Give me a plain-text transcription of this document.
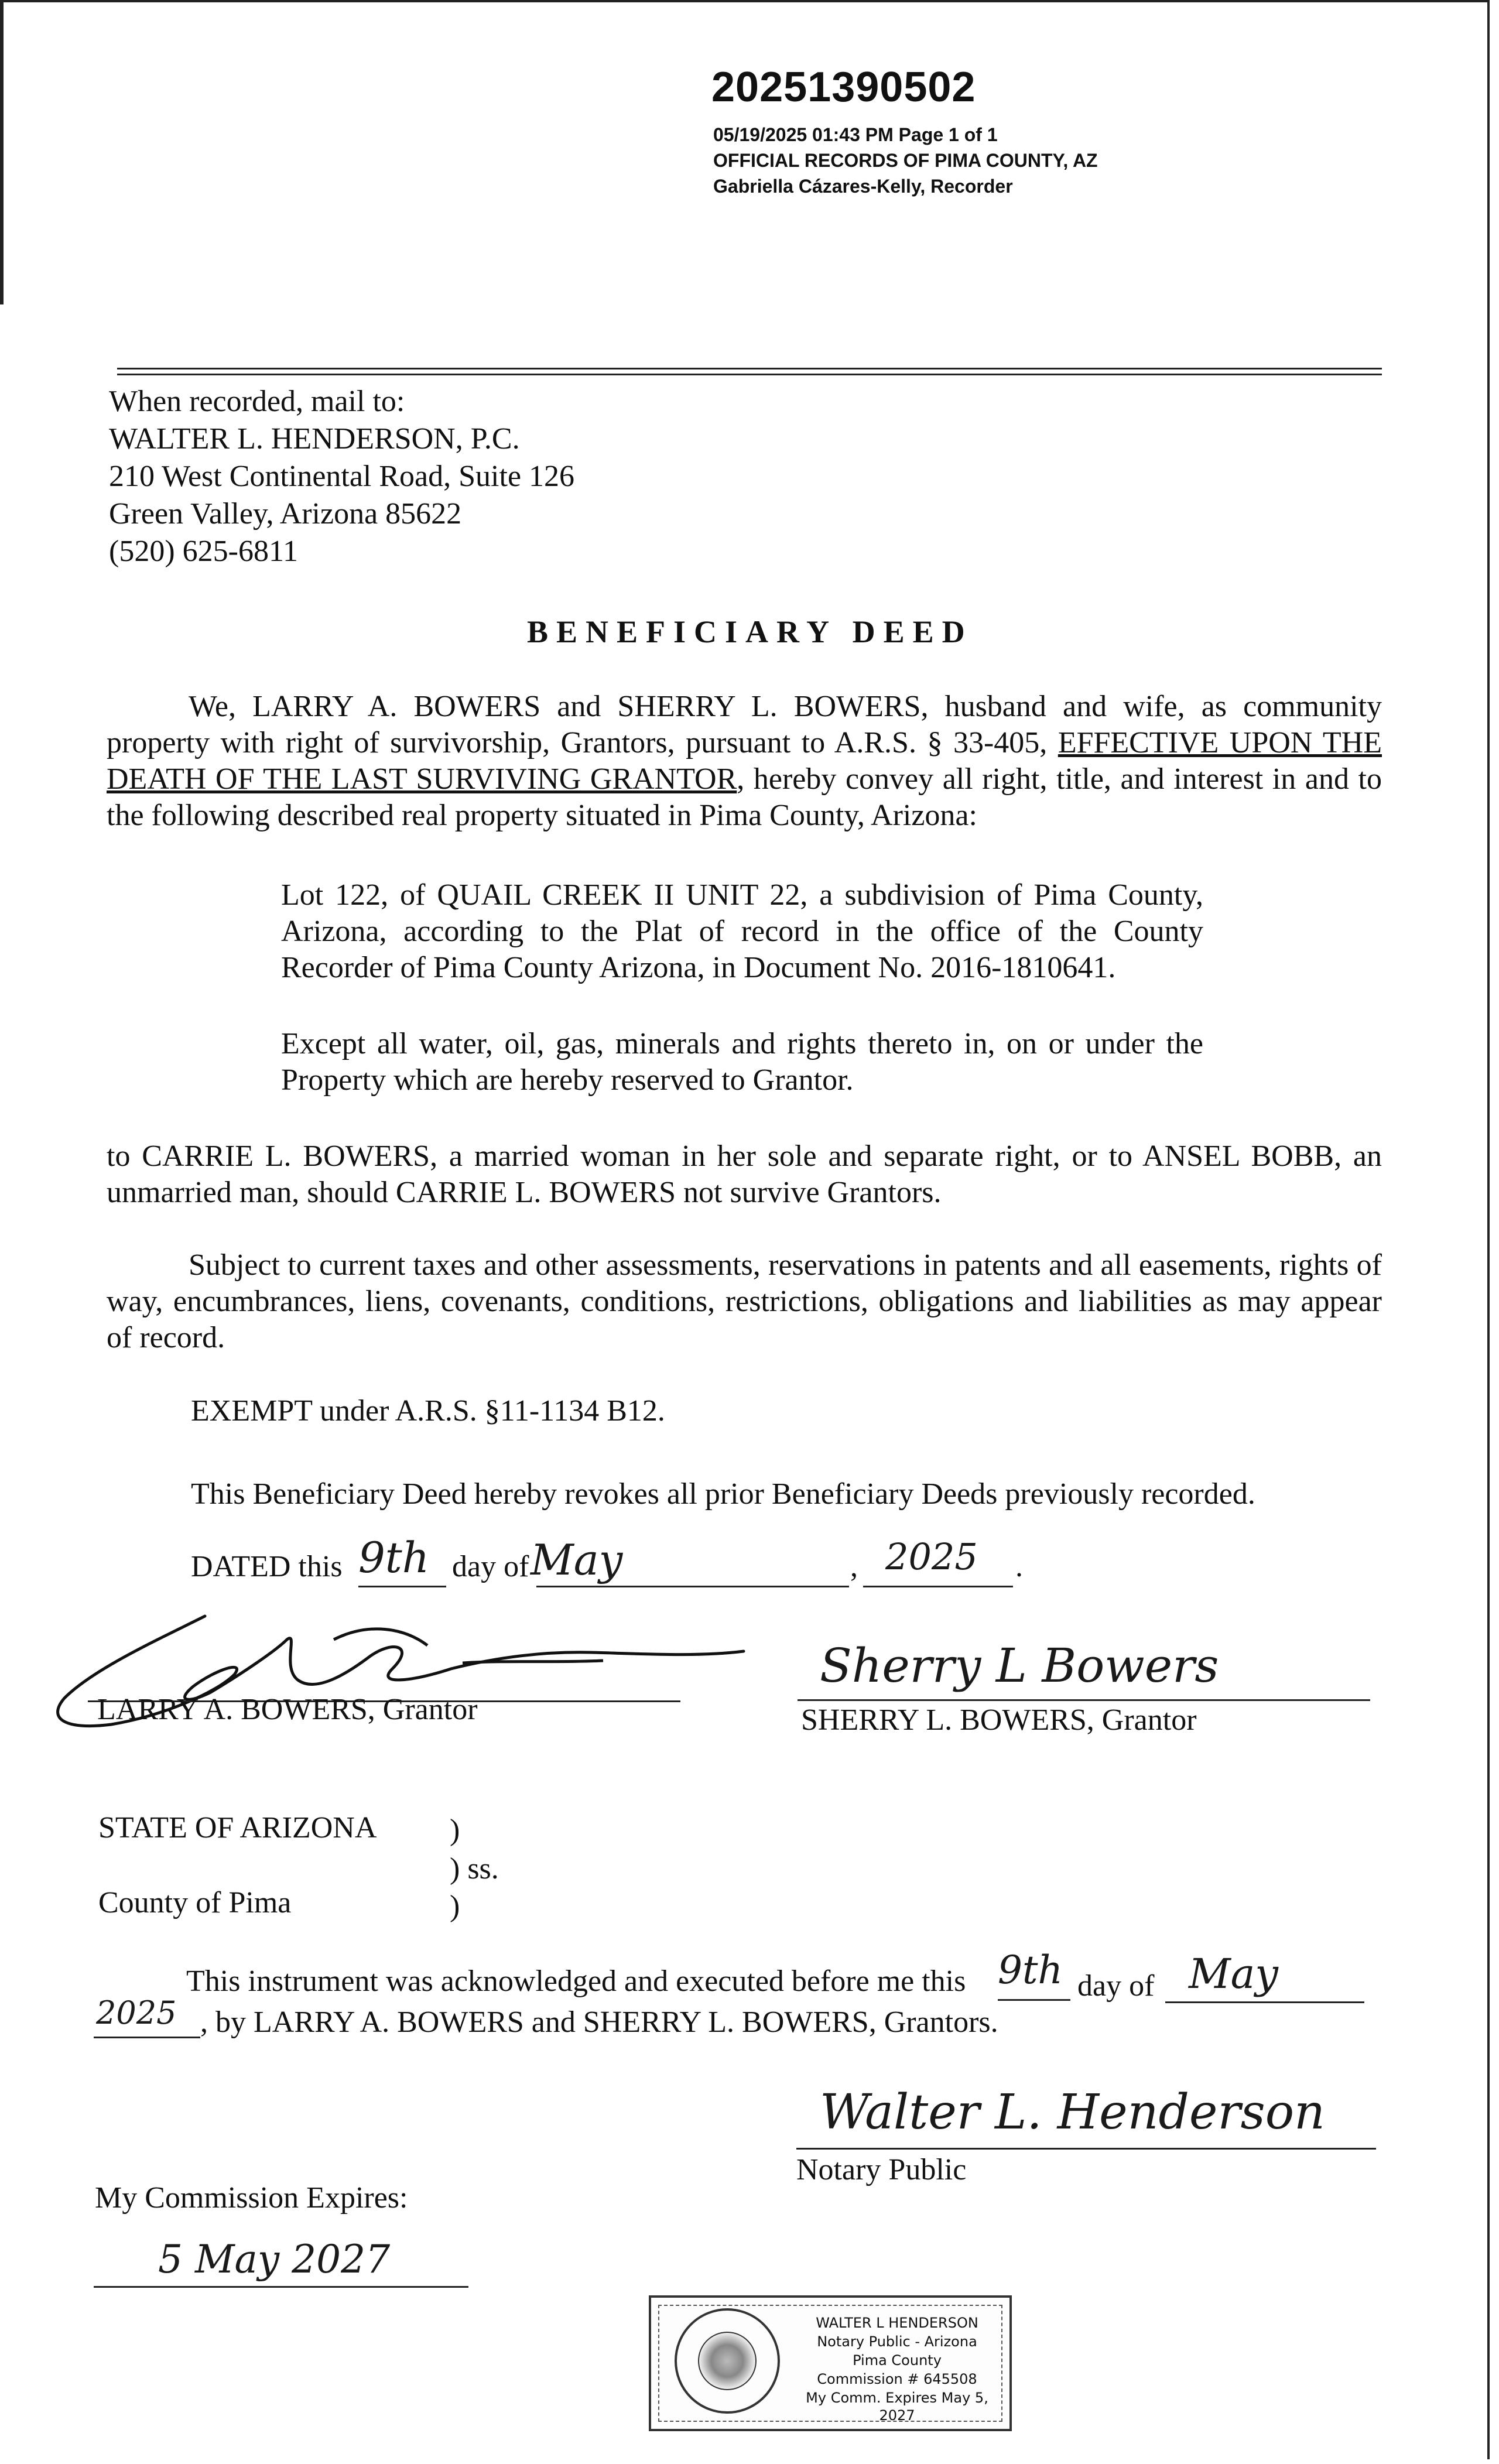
20251390502
05/19/2025 01:43 PM Page 1 of 1
OFFICIAL RECORDS OF PIMA COUNTY, AZ
Gabriella Cázares-Kelly, Recorder
When recorded, mail to:
WALTER L. HENDERSON, P.C.
210 West Continental Road, Suite 126
Green Valley, Arizona 85622
(520) 625-6811
BENEFICIARY DEED
We, LARRY A. BOWERS and SHERRY L. BOWERS, husband and wife, as community property with right of survivorship, Grantors, pursuant to A.R.S. § 33-405, EFFECTIVE UPON THE DEATH OF THE LAST SURVIVING GRANTOR, hereby convey all right, title, and interest in and to the following described real property situated in Pima County, Arizona:
Lot 122, of QUAIL CREEK II UNIT 22, a subdivision of Pima County, Arizona, according to the Plat of record in the office of the County Recorder of Pima County Arizona, in Document No. 2016-1810641.
Except all water, oil, gas, minerals and rights thereto in, on or under the Property which are hereby reserved to Grantor.
to CARRIE L. BOWERS, a married woman in her sole and separate right, or to ANSEL BOBB, an unmarried man, should CARRIE L. BOWERS not survive Grantors.
Subject to current taxes and other assessments, reservations in patents and all easements, rights of way, encumbrances, liens, covenants, conditions, restrictions, obligations and liabilities as may appear of record.
EXEMPT under A.R.S. §11-1134 B12.
This Beneficiary Deed hereby revokes all prior Beneficiary Deeds previously recorded.
DATED this 9th day of May	, 2025 .
LARRY A. BOWERS, Grantor
Sherry L Bowers
SHERRY L. BOWERS, Grantor
STATE OF ARIZONA )
) ss.
County of Pima	)
This instrument was acknowledged and executed before me this 9th day of May
2025 , by LARRY A. BOWERS and SHERRY L. BOWERS, Grantors.
Walter L. Henderson
Notary Public
My Commission Expires:
5 May 2027
WALTER L HENDERSON
Notary Public - Arizona
Pima County
Commission # 645508
My Comm. Expires May 5, 2027
